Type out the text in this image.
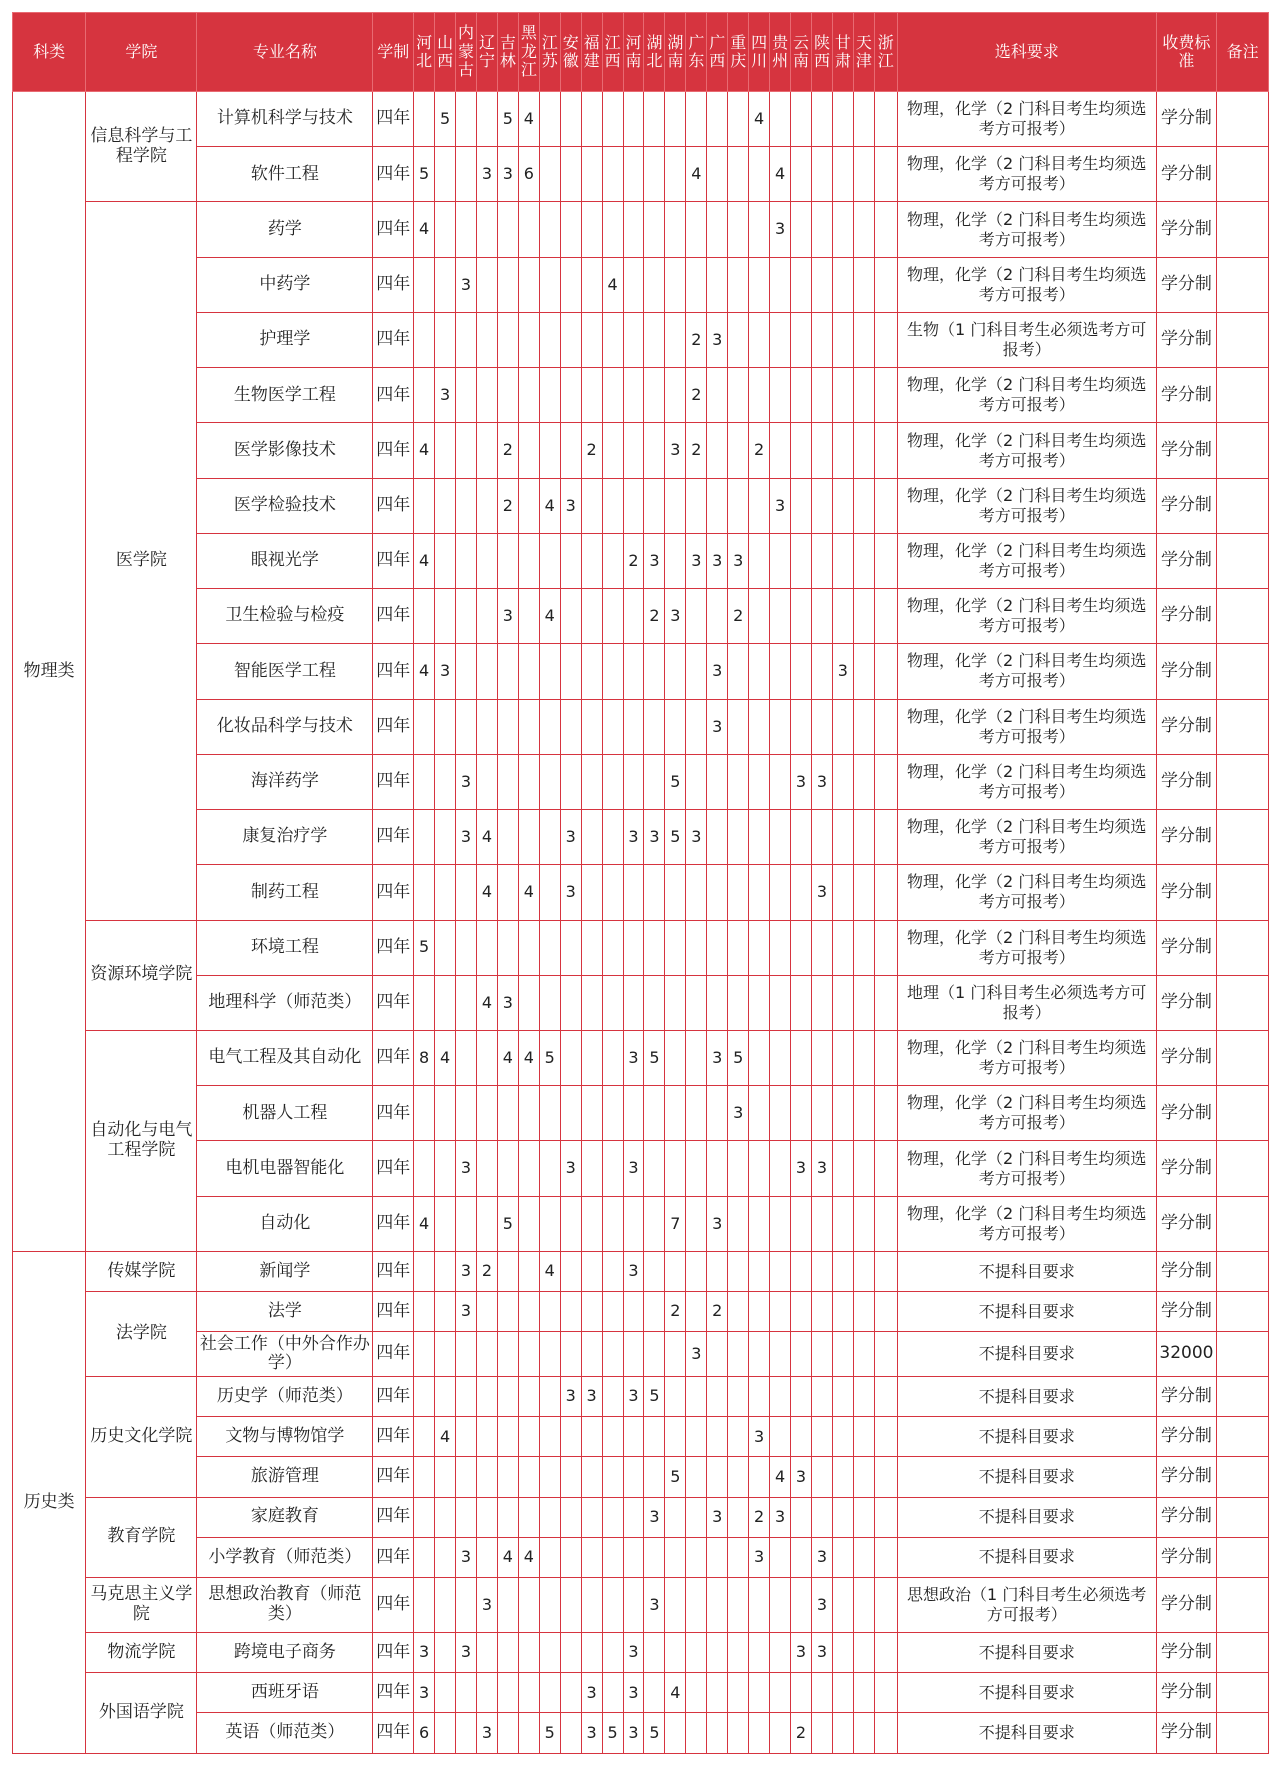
科类	学院	专业名称	学制	河北	山西	内蒙古	辽宁	吉林	黑龙江	江苏	安徽	福建	江西	河南	湖北	湖南	广东	广西	重庆	四川	贵州	云南	陕西	甘肃	天津	浙江	选科要求	收费标准	备注
物理类	信息科学与工程学院	计算机科学与技术	四年		5			5	4											4							物理，化学（2 门科目考生均须选考方可报考）	学分制	
		软件工程	四年	5			3	3	6								4				4						物理，化学（2 门科目考生均须选考方可报考）	学分制	
	医学院	药学	四年	4																	3						物理，化学（2 门科目考生均须选考方可报考）	学分制	
		中药学	四年			3							4														物理，化学（2 门科目考生均须选考方可报考）	学分制	
		护理学	四年														2	3									生物（1 门科目考生必须选考方可报考）	学分制	
		生物医学工程	四年		3												2										物理，化学（2 门科目考生均须选考方可报考）	学分制	
		医学影像技术	四年	4				2				2				3	2			2							物理，化学（2 门科目考生均须选考方可报考）	学分制	
		医学检验技术	四年					2		4	3										3						物理，化学（2 门科目考生均须选考方可报考）	学分制	
		眼视光学	四年	4										2	3		3	3	3								物理，化学（2 门科目考生均须选考方可报考）	学分制	
		卫生检验与检疫	四年					3		4					2	3			2								物理，化学（2 门科目考生均须选考方可报考）	学分制	
		智能医学工程	四年	4	3													3						3			物理，化学（2 门科目考生均须选考方可报考）	学分制	
		化妆品科学与技术	四年															3									物理，化学（2 门科目考生均须选考方可报考）	学分制	
		海洋药学	四年			3										5						3	3				物理，化学（2 门科目考生均须选考方可报考）	学分制	
		康复治疗学	四年			3	4				3			3	3	5	3										物理，化学（2 门科目考生均须选考方可报考）	学分制	
		制药工程	四年				4		4		3												3				物理，化学（2 门科目考生均须选考方可报考）	学分制	
	资源环境学院	环境工程	四年	5																							物理，化学（2 门科目考生均须选考方可报考）	学分制	
		地理科学（师范类）	四年				4	3																			地理（1 门科目考生必须选考方可报考）	学分制	
	自动化与电气工程学院	电气工程及其自动化	四年	8	4			4	4	5				3	5			3	5								物理，化学（2 门科目考生均须选考方可报考）	学分制	
		机器人工程	四年																3								物理，化学（2 门科目考生均须选考方可报考）	学分制	
		电机电器智能化	四年			3					3			3								3	3				物理，化学（2 门科目考生均须选考方可报考）	学分制	
		自动化	四年	4				5								7		3									物理，化学（2 门科目考生均须选考方可报考）	学分制	
历史类	传媒学院	新闻学	四年			3	2			4				3													不提科目要求	学分制	
	法学院	法学	四年			3										2		2									不提科目要求	学分制	
		社会工作（中外合作办学）	四年														3										不提科目要求	32000	
	历史文化学院	历史学（师范类）	四年								3	3		3	5												不提科目要求	学分制	
		文物与博物馆学	四年		4															3							不提科目要求	学分制	
		旅游管理	四年													5					4	3					不提科目要求	学分制	
	教育学院	家庭教育	四年												3			3		2	3						不提科目要求	学分制	
		小学教育（师范类）	四年			3		4	4											3			3				不提科目要求	学分制	
	马克思主义学院	思想政治教育（师范类）	四年				3								3								3				思想政治（1 门科目考生必须选考方可报考）	学分制	
	物流学院	跨境电子商务	四年	3		3								3								3	3				不提科目要求	学分制	
	外国语学院	西班牙语	四年	3								3		3		4											不提科目要求	学分制	
		英语（师范类）	四年	6			3			5		3	5	3	5							2					不提科目要求	学分制	
